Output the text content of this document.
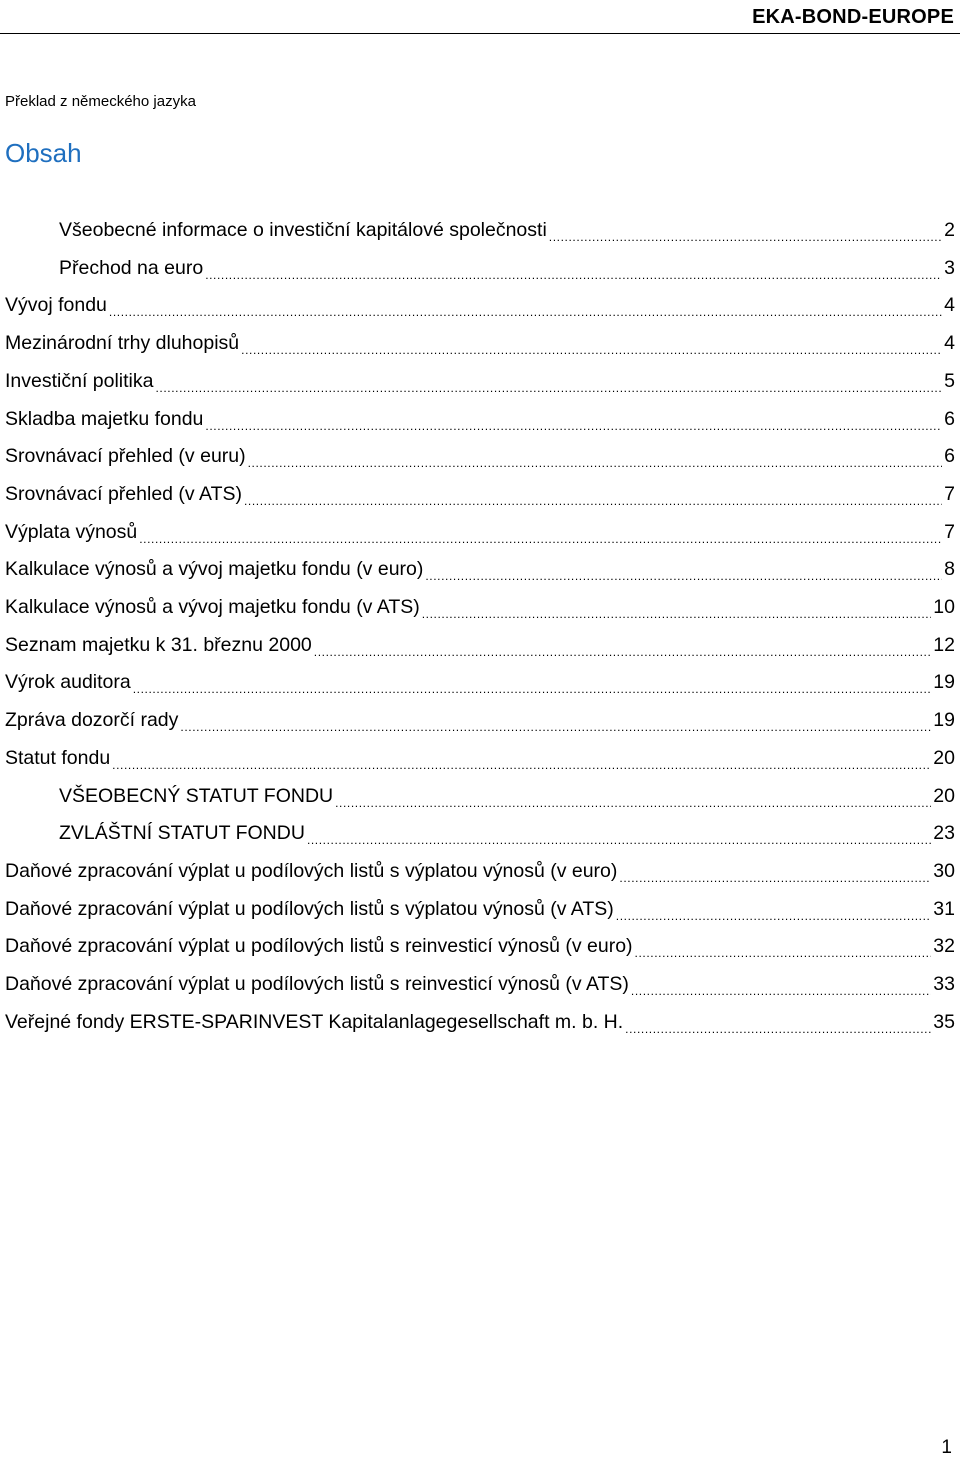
EKA-BOND-EUROPE
Překlad z německého jazyka
Obsah
Všeobecné informace o investiční kapitálové společnosti .....	2
Přechod na euro .....	3
Vývoj fondu .....	4
Mezinárodní trhy dluhopisů .....	4
Investiční politika .....	5
Skladba majetku fondu .....	6
Srovnávací přehled (v euru) .....	6
Srovnávací přehled (v ATS) .....	7
Výplata výnosů .....	7
Kalkulace výnosů a vývoj majetku fondu (v euro) .....	8
Kalkulace výnosů a vývoj majetku fondu (v ATS) .....	10
Seznam majetku k 31. březnu 2000 .....	12
Výrok auditora .....	19
Zpráva dozorčí rady .....	19
Statut fondu .....	20
VŠEOBECNÝ STATUT FONDU .....	20
ZVLÁŠTNÍ STATUT FONDU .....	23
Daňové zpracování výplat u podílových listů s výplatou výnosů (v euro) .....	30
Daňové zpracování výplat u podílových listů s výplatou výnosů (v ATS) .....	31
Daňové zpracování výplat u podílových listů s reinvesticí výnosů (v euro) .....	32
Daňové zpracování výplat u podílových listů s reinvesticí výnosů (v ATS) .....	33
Veřejné fondy ERSTE-SPARINVEST Kapitalanlagegesellschaft m. b. H. .....	35
1
